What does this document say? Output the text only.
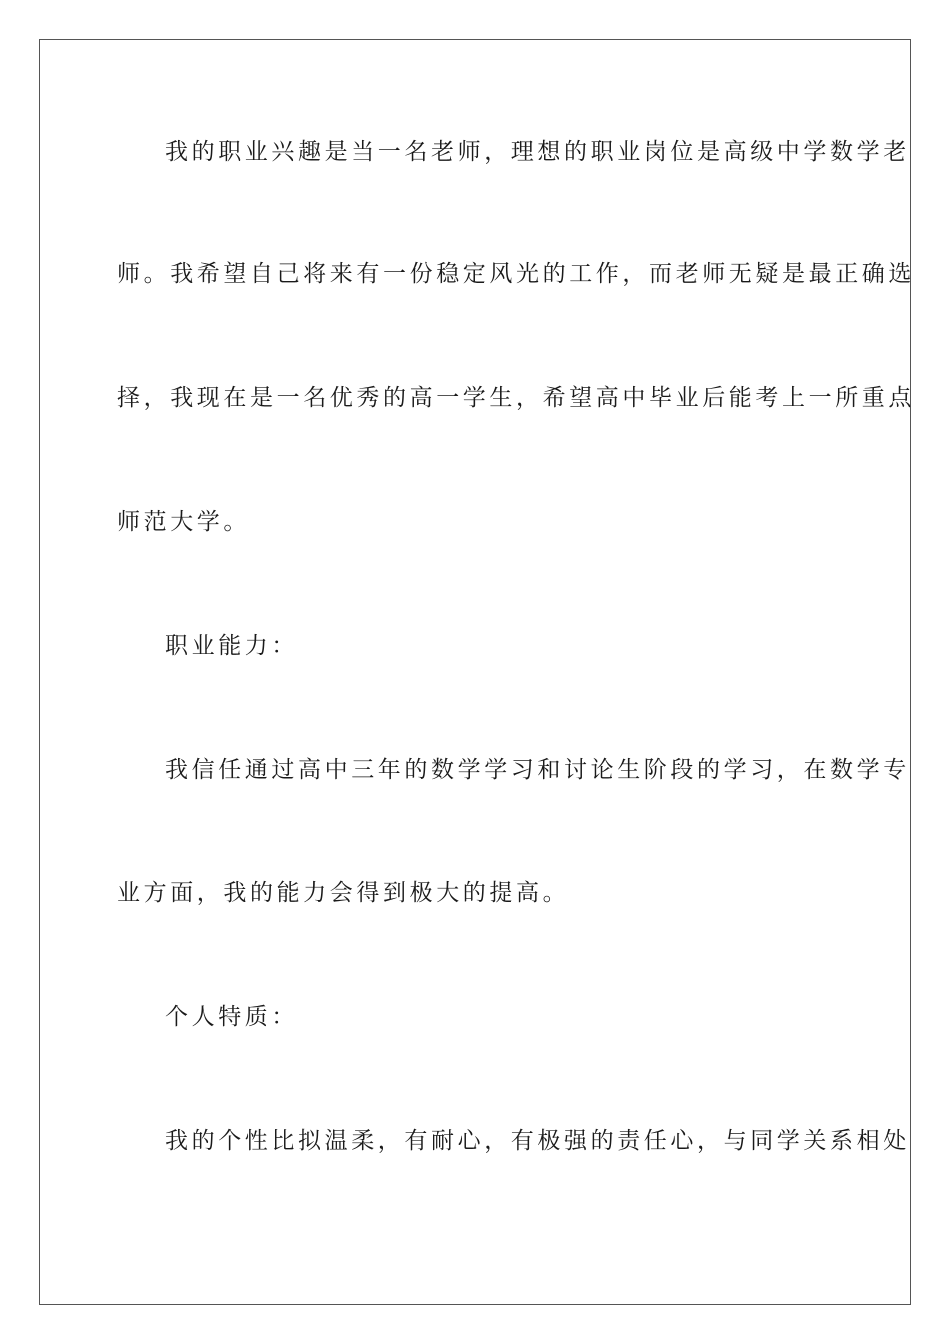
我的职业兴趣是当一名老师，理想的职业岗位是高级中学数学老
师。我希望自己将来有一份稳定风光的工作，而老师无疑是最正确选
择，我现在是一名优秀的高一学生，希望高中毕业后能考上一所重点
师范大学。
职业能力：
我信任通过高中三年的数学学习和讨论生阶段的学习，在数学专
业方面，我的能力会得到极大的提高。
个人特质：
我的个性比拟温柔，有耐心，有极强的责任心，与同学关系相处
